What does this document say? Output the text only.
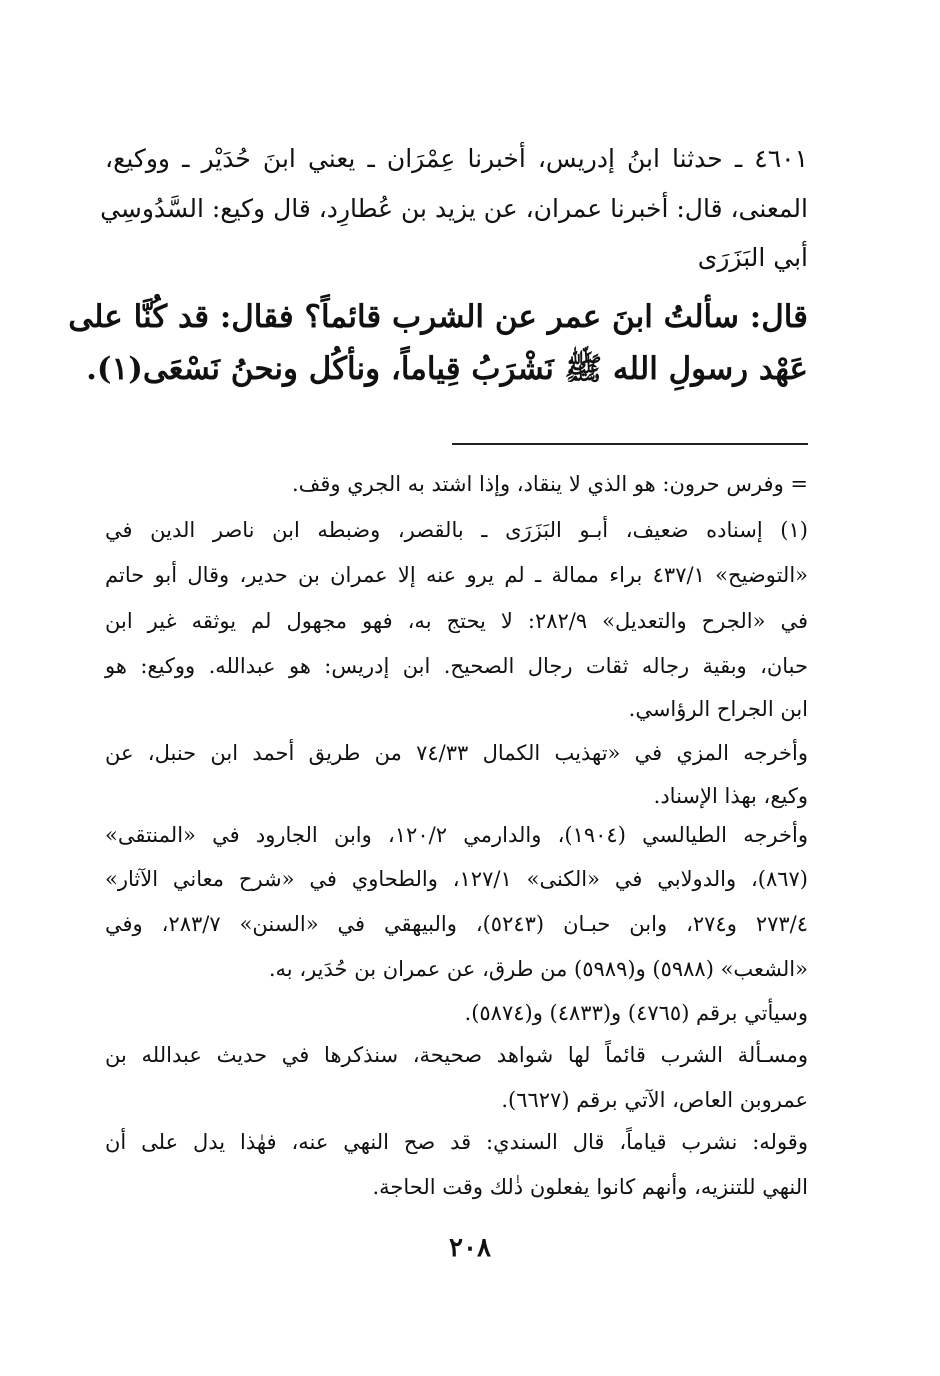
٤٦٠١ ـ حدثنا ابنُ إدريس، أخبرنا عِمْرَان ـ يعني ابنَ حُدَيْر ـ ووكيع،
المعنى، قال: أخبرنا عمران، عن يزيد بن عُطارِد، قال وكيع: السَّدُوسِي
أبي البَزَرَى
قال: سألتُ ابنَ عمر عن الشرب قائماً؟ فقال: قد كُنَّا على
عَهْد رسولِ الله ﷺ نَشْرَبُ قِياماً، ونأكُل ونحنُ نَسْعَى(١).
= وفرس حرون: هو الذي لا ينقاد، وإذا اشتد به الجري وقف.
(١) إسناده ضعيف، أبـو البَزَرَى ـ بالقصر، وضبطه ابن ناصر الدين في
«التوضيح» ٤٣٧/١ براء ممالة ـ لم يرو عنه إلا عمران بن حدير، وقال أبو حاتم
في «الجرح والتعديل» ٢٨٢/٩: لا يحتج به، فهو مجهول لم يوثقه غير ابن
حبان، وبقية رجاله ثقات رجال الصحيح. ابن إدريس: هو عبدالله. ووكيع: هو
ابن الجراح الرؤاسي.
وأخرجه المزي في «تهذيب الكمال ٧٤/٣٣ من طريق أحمد ابن حنبل، عن
وكيع، بهذا الإسناد.
وأخرجه الطيالسي (١٩٠٤)، والدارمي ١٢٠/٢، وابن الجارود في «المنتقى»
(٨٦٧)، والدولابي في «الكنى» ١٢٧/١، والطحاوي في «شرح معاني الآثار»
٢٧٣/٤ و٢٧٤، وابن حبـان (٥٢٤٣)، والبيهقي في «السنن» ٢٨٣/٧، وفي
«الشعب» (٥٩٨٨) و(٥٩٨٩) من طرق، عن عمران بن حُدَير، به.
وسيأتي برقم (٤٧٦٥) و(٤٨٣٣) و(٥٨٧٤).
ومسـألة الشرب قائماً لها شواهد صحيحة، سنذكرها في حديث عبدالله بن
عمروبن العاص، الآتي برقم (٦٦٢٧).
وقوله: نشرب قياماً، قال السندي: قد صح النهي عنه، فهٰذا يدل على أن
النهي للتنزيه، وأنهم كانوا يفعلون ذٰلك وقت الحاجة.
٢٠٨
